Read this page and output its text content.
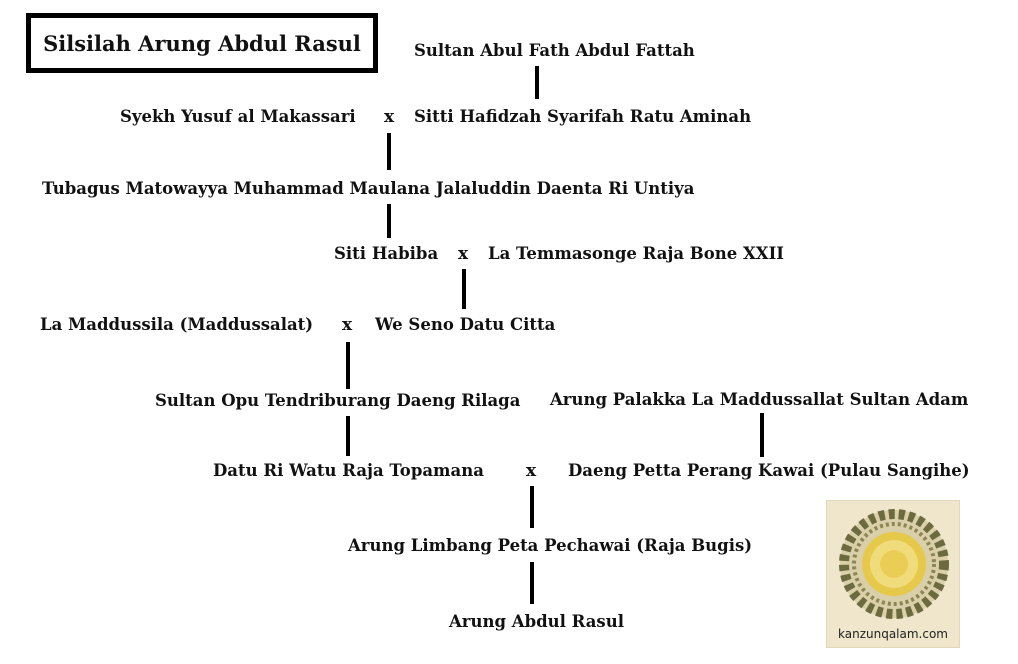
Silsilah Arung Abdul Rasul	Sultan Abul Fath Abdul Fattah
Syekh Yusuf al Makassari x Sitti Hafidzah Syarifah Ratu Aminah
Tubagus Matowayya Muhammad Maulana Jalaluddin Daenta Ri Untiya
Siti Habiba x La Temmasonge Raja Bone XXII
La Maddussila (Maddussalat) x We Seno Datu Citta
Sultan Opu Tendriburang Daeng Rilaga Arung Palakka La Maddussallat Sultan Adam
Datu Ri Watu Raja Topamana x Daeng Petta Perang Kawai (Pulau Sangihe)
Arung Limbang Peta Pechawai (Raja Bugis)
Arung Abdul Rasul
kanzunqalam.com
